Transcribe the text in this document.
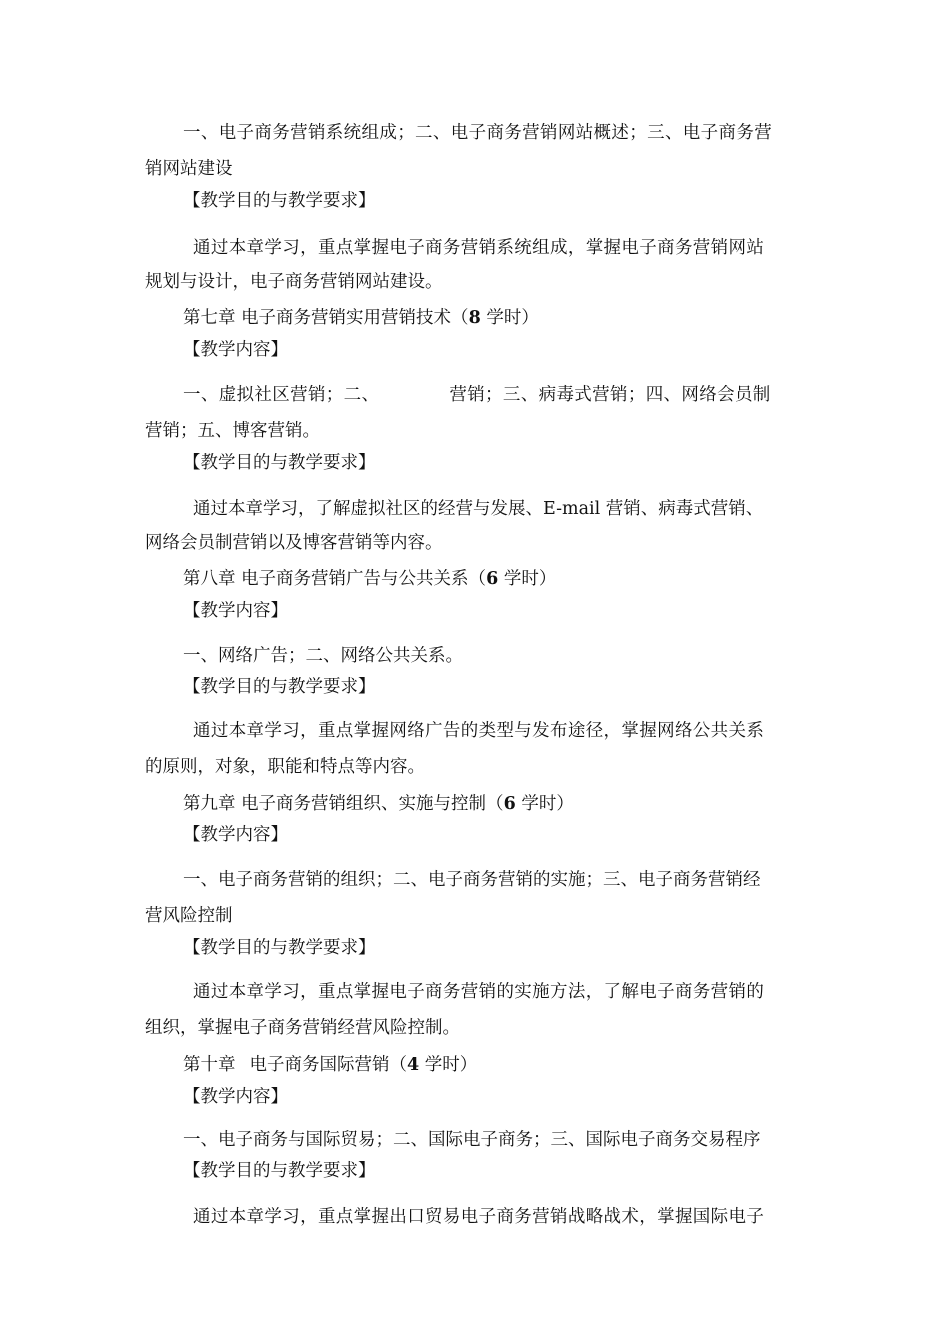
一、电子商务营销系统组成；二、电子商务营销网站概述；三、电子商务营
销网站建设
【教学目的与教学要求】
通过本章学习，重点掌握电子商务营销系统组成，掌握电子商务营销网站
规划与设计，电子商务营销网站建设。
第七章 电子商务营销实用营销技术（8 学时）
【教学内容】
一、虚拟社区营销；二、	营销；三、病毒式营销；四、网络会员制
营销；五、博客营销。
【教学目的与教学要求】
通过本章学习，了解虚拟社区的经营与发展、E-mail 营销、病毒式营销、
网络会员制营销以及博客营销等内容。
第八章 电子商务营销广告与公共关系（6 学时）
【教学内容】
一、网络广告；二、网络公共关系。
【教学目的与教学要求】
通过本章学习，重点掌握网络广告的类型与发布途径，掌握网络公共关系
的原则，对象，职能和特点等内容。
第九章 电子商务营销组织、实施与控制（6 学时）
【教学内容】
一、电子商务营销的组织；二、电子商务营销的实施；三、电子商务营销经
营风险控制
【教学目的与教学要求】
通过本章学习，重点掌握电子商务营销的实施方法，了解电子商务营销的
组织，掌握电子商务营销经营风险控制。
第十章 电子商务国际营销（4 学时）
【教学内容】
一、电子商务与国际贸易；二、国际电子商务；三、国际电子商务交易程序
【教学目的与教学要求】
通过本章学习，重点掌握出口贸易电子商务营销战略战术，掌握国际电子
